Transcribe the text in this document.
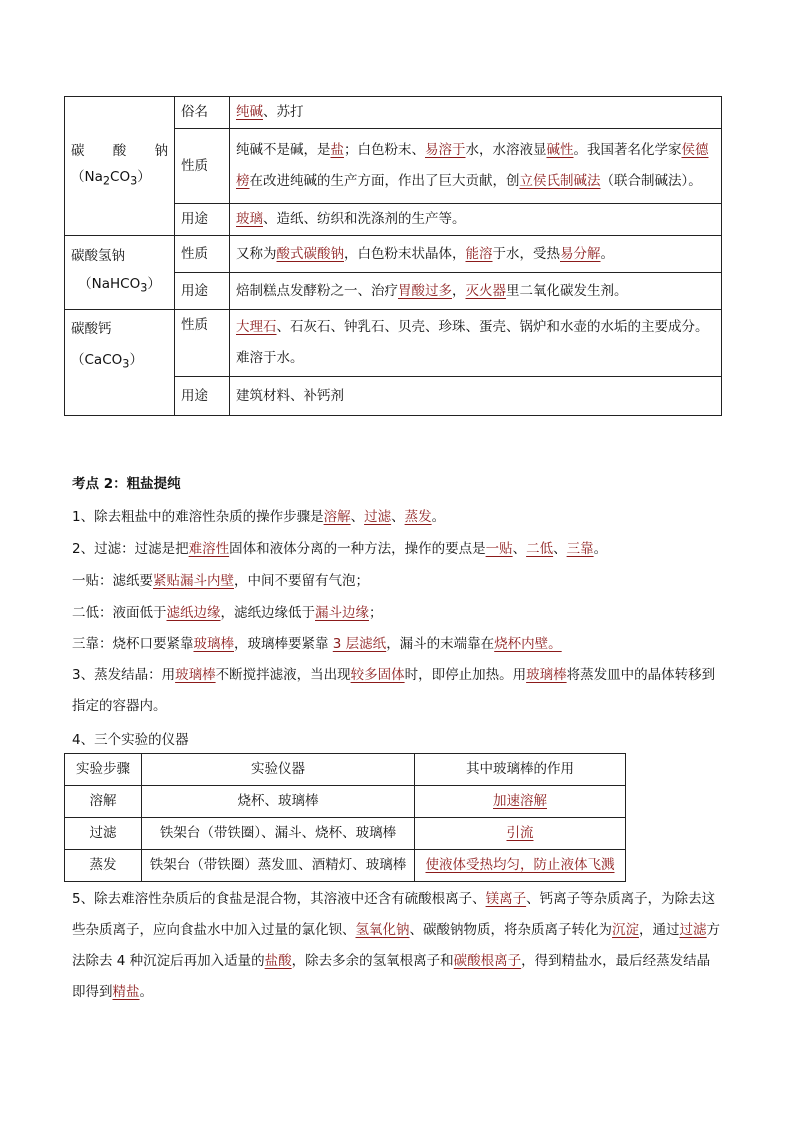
碳　酸　钠
$(Na_2CO_3)$	俗名	纯碱、苏打
	性质	纯碱不是碱，是盐；白色粉末、易溶于水，水溶液显碱性。我国著名化学家侯德榜在改进纯碱的生产方面，作出了巨大贡献，创立侯氏制碱法（联合制碱法）。
	用途	玻璃、造纸、纺织和洗涤剂的生产等。

碳酸氢钠
（NaHCO$_3$）	性质	又称为酸式碳酸钠，白色粉末状晶体，能溶于水，受热易分解。
	用途	焙制糕点发酵粉之一、治疗胃酸过多，灭火器里二氧化碳发生剂。
碳酸钙（CaCO$_3$）	性质	大理石、石灰石、钟乳石、贝壳、珍珠、蛋壳、锅炉和水壶的水垢的主要成分。难溶于水。
	用途	建筑材料、补钙剂
考点 2：粗盐提纯
1、除去粗盐中的难溶性杂质的操作步骤是溶解、过滤、蒸发。
2、过滤：过滤是把难溶性固体和液体分离的一种方法，操作的要点是一贴、二低、三靠。
一贴：滤纸要紧贴漏斗内壁，中间不要留有气泡；
二低：液面低于滤纸边缘，滤纸边缘低于漏斗边缘；
三靠：烧杯口要紧靠玻璃棒，玻璃棒要紧靠 3 层滤纸，漏斗的末端靠在烧杯内壁。
3、蒸发结晶：用玻璃棒不断搅拌滤液，当出现较多固体时，即停止加热。用玻璃棒将蒸发皿中的晶体转移到指定的容器内。
4、三个实验的仪器
实验步骤	实验仪器	其中玻璃棒的作用
溶解	烧杯、玻璃棒	加速溶解
过滤	铁架台（带铁圈）、漏斗、烧杯、玻璃棒	引流
蒸发	铁架台（带铁圈）蒸发皿、酒精灯、玻璃棒	使液体受热均匀，防止液体飞溅
5、除去难溶性杂质后的食盐是混合物，其溶液中还含有硫酸根离子、镁离子、钙离子等杂质离子，为除去这些杂质离子，应向食盐水中加入过量的氯化钡、氢氧化钠、碳酸钠物质，将杂质离子转化为沉淀，通过过滤方法除去 4 种沉淀后再加入适量的盐酸，除去多余的氢氧根离子和碳酸根离子，得到精盐水，最后经蒸发结晶即得到精盐。
